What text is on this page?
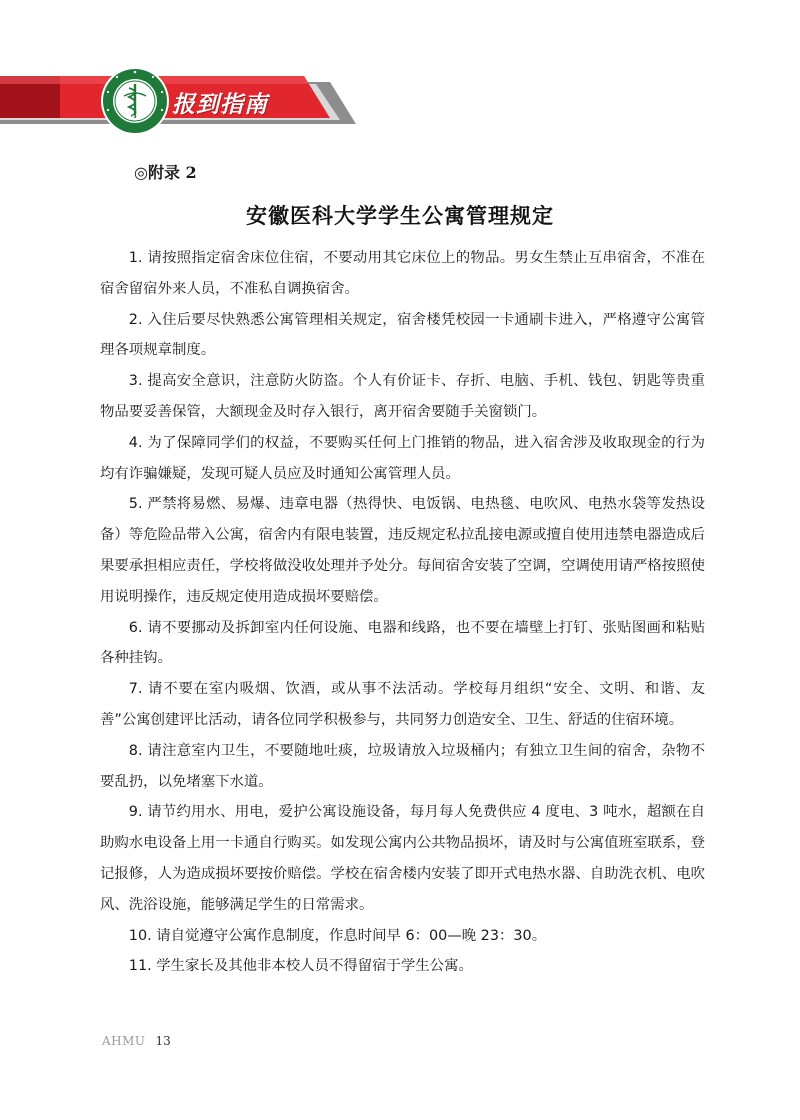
1926	报到指南
◎附录 2
安徽医科大学学生公寓管理规定

1. 请按照指定宿舍床位住宿，不要动用其它床位上的物品。男女生禁止互串宿舍，不准在宿舍留宿外来人员，不准私自调换宿舍。

2. 入住后要尽快熟悉公寓管理相关规定，宿舍楼凭校园一卡通刷卡进入，严格遵守公寓管理各项规章制度。

3. 提高安全意识，注意防火防盗。个人有价证卡、存折、电脑、手机、钱包、钥匙等贵重物品要妥善保管，大额现金及时存入银行，离开宿舍要随手关窗锁门。

4. 为了保障同学们的权益，不要购买任何上门推销的物品，进入宿舍涉及收取现金的行为均有诈骗嫌疑，发现可疑人员应及时通知公寓管理人员。

5. 严禁将易燃、易爆、违章电器（热得快、电饭锅、电热毯、电吹风、电热水袋等发热设备）等危险品带入公寓，宿舍内有限电装置，违反规定私拉乱接电源或擅自使用违禁电器造成后果要承担相应责任，学校将做没收处理并予处分。每间宿舍安装了空调，空调使用请严格按照使用说明操作，违反规定使用造成损坏要赔偿。

6. 请不要挪动及拆卸室内任何设施、电器和线路，也不要在墙壁上打钉、张贴图画和粘贴各种挂钩。

7. 请不要在室内吸烟、饮酒，或从事不法活动。学校每月组织“安全、文明、和谐、友善”公寓创建评比活动，请各位同学积极参与，共同努力创造安全、卫生、舒适的住宿环境。

8. 请注意室内卫生，不要随地吐痰，垃圾请放入垃圾桶内；有独立卫生间的宿舍，杂物不要乱扔，以免堵塞下水道。

9. 请节约用水、用电，爱护公寓设施设备，每月每人免费供应 4 度电、3 吨水，超额在自助购水电设备上用一卡通自行购买。如发现公寓内公共物品损坏，请及时与公寓值班室联系，登记报修，人为造成损坏要按价赔偿。学校在宿舍楼内安装了即开式电热水器、自助洗衣机、电吹风、洗浴设施，能够满足学生的日常需求。

10. 请自觉遵守公寓作息制度，作息时间早 6：00—晚 23：30。

11. 学生家长及其他非本校人员不得留宿于学生公寓。

AHMU 13
